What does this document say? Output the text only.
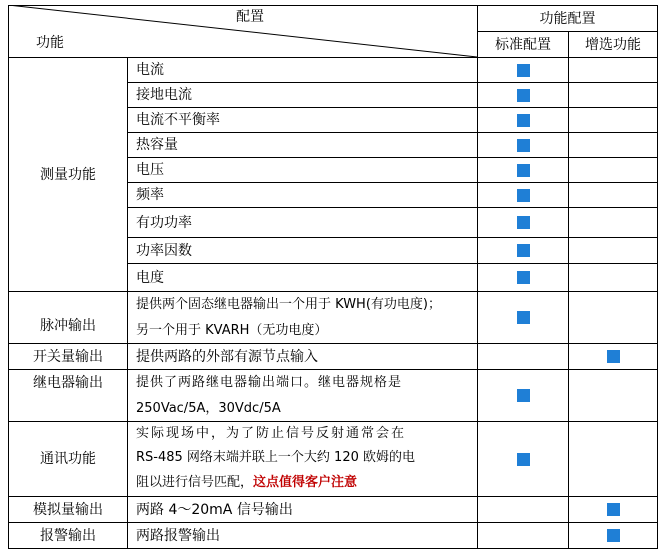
配置
功能
功能配置
标准配置 增选功能
测量功能
脉冲输出
开关量输出
继电器输出
通讯功能
模拟量输出
报警输出
电流
接地电流
电流不平衡率
热容量
电压
频率
有功功率
功率因数
电度
提供两个固态继电器输出一个用于 KWH(有功电度)；
另一个用于 KVARH（无功电度）
提供两路的外部有源节点输入
提供了两路继电器输出端口。继电器规格是
250Vac/5A，30Vdc/5A
实际现场中，为了防止信号反射通常会在
RS-485 网络末端并联上一个大约 120 欧姆的电
阻以进行信号匹配，这点值得客户注意
两路 4～20mA 信号输出
两路报警输出
